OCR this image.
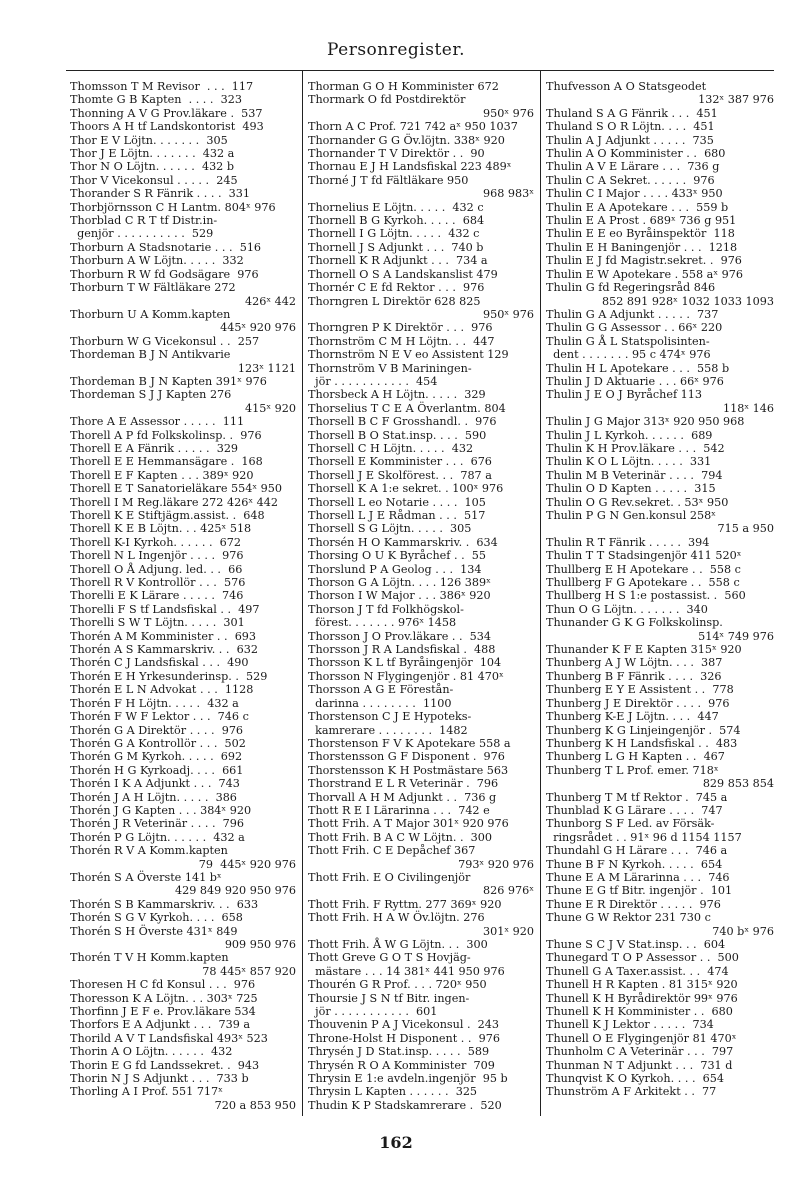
Personregister.
Thomsson T M Revisor  . . .  117
Thomte G B Kapten  . . . .  323
Thonning A V G Prov.läkare .  537
Thoors A H tf Landskontorist  493
Thor E V Löjtn. . . . . . .  305
Thor J E Löjtn. . . . . . .  432 a
Thor N O Löjtn. . . . . .  432 b
Thor V Vicekonsul . . . . .  245
Thorander S R Fänrik . . . .  331
Thorbjörnsson C H Lantm. 804ˣ 976
Thorblad C R T tf Distr.in-
genjör . . . . . . . . . .  529
Thorburn A Stadsnotarie . . .  516
Thorburn A W Löjtn. . . . .  332
Thorburn R W fd Godsägare  976
Thorburn T W Fältläkare 272
426ˣ 442
Thorburn U A Komm.kapten
445ˣ 920 976
Thorburn W G Vicekonsul . .  257
Thordeman B J N Antikvarie
123ˣ 1121
Thordeman B J N Kapten 391ˣ 976
Thordeman S J J Kapten 276
415ˣ 920
Thore A E Assessor . . . . .  111
Thorell A P fd Folkskolinsp. .  976
Thorell E A Fänrik . . . . .  329
Thorell E E Hemmansägare .  168
Thorell E F Kapten . . . 389ˣ 920
Thorell E T Sanatorieläkare 554ˣ 950
Thorell I M Reg.läkare 272 426ˣ 442
Thorell K E Stiftjägm.assist. .  648
Thorell K E B Löjtn. . . 425ˣ 518
Thorell K-I Kyrkoh. . . . . .  672
Thorell N L Ingenjör . . . .  976
Thorell O Å Adjung. led. . .  66
Thorell R V Kontrollör . . .  576
Thorelli E K Lärare . . . . .  746
Thorelli F S tf Landsfiskal . .  497
Thorelli S W T Löjtn. . . . .  301
Thorén A M Komminister . .  693
Thorén A S Kammarskriv. . .  632
Thorén C J Landsfiskal . . .  490
Thorén E H Yrkesunderinsp. .  529
Thorén E L N Advokat . . .  1128
Thorén F H Löjtn. . . . .  432 a
Thorén F W F Lektor . . .  746 c
Thorén G A Direktör . . . .  976
Thorén G A Kontrollör . . .  502
Thorén G M Kyrkoh. . . . .  692
Thorén H G Kyrkoadj. . . .  661
Thorén I K A Adjunkt . . .  743
Thorén J A H Löjtn. . . . .  386
Thorén J G Kapten . . . 384ˣ 920
Thorén J R Veterinär . . . .  796
Thorén P G Löjtn. . . . . .  432 a
Thorén R V A Komm.kapten
79  445ˣ 920 976
Thorén S A Överste 141 bˣ
429 849 920 950 976
Thorén S B Kammarskriv. . .  633
Thorén S G V Kyrkoh. . . .  658
Thorén S H Överste 431ˣ 849
909 950 976
Thorén T V H Komm.kapten
78 445ˣ 857 920
Thoresen H C fd Konsul . . .  976
Thoresson K A Löjtn. . . 303ˣ 725
Thorfinn J E F e. Prov.läkare 534
Thorfors E A Adjunkt . . .  739 a
Thorild A V T Landsfiskal 493ˣ 523
Thorin A O Löjtn. . . . . .  432
Thorin E G fd Landssekret. .  943
Thorin N J S Adjunkt . . .  733 b
Thorling A I Prof. 551 717ˣ
720 a 853 950
Thorman G O H Komminister 672
Thormark O fd Postdirektör
950ˣ 976
Thorn A C Prof. 721 742 aˣ 950 1037
Thornander G G Öv.löjtn. 338ˣ 920
Thornander T V Direktör . .  90
Thornau E J H Landsfiskal 223 489ˣ
Thorné J T fd Fältläkare 950
968 983ˣ
Thornelius E Löjtn. . . . .  432 c
Thornell B G Kyrkoh. . . . .  684
Thornell I G Löjtn. . . . .  432 c
Thornell J S Adjunkt . . .  740 b
Thornell K R Adjunkt . . .  734 a
Thornell O S A Landskanslist 479
Thornér C E fd Rektor . . .  976
Thorngren L Direktör 628 825
950ˣ 976
Thorngren P K Direktör . . .  976
Thornström C M H Löjtn. . .  447
Thornström N E V eo Assistent 129
Thornström V B Mariningen-
jör . . . . . . . . . . .  454
Thorsbeck A H Löjtn. . . . .  329
Thorselius T C E A Överlantm. 804
Thorsell B C F Grosshandl. .  976
Thorsell B O Stat.insp. . . .  590
Thorsell C H Löjtn. . . . .  432
Thorsell E Komminister . . .  676
Thorsell J E Skolförest. . .  787 a
Thorsell K A 1:e sekret. . 100ˣ 976
Thorsell L eo Notarie . . . .  105
Thorsell L J E Rådman . . .  517
Thorsell S G Löjtn. . . . .  305
Thorsén H O Kammarskriv. .  634
Thorsing O U K Byråchef . .  55
Thorslund P A Geolog . . .  134
Thorson G A Löjtn. . . . 126 389ˣ
Thorson I W Major . . . 386ˣ 920
Thorson J T fd Folkhögskol-
förest. . . . . . . 976ˣ 1458
Thorsson J O Prov.läkare . .  534
Thorsson J R A Landsfiskal .  488
Thorsson K L tf Byråingenjör  104
Thorsson N Flygingenjör . 81 470ˣ
Thorsson A G E Förestån-
darinna . . . . . . . .  1100
Thorstenson C J E Hypoteks-
kamrerare . . . . . . . .  1482
Thorstenson F V K Apotekare 558 a
Thorstensson G F Disponent .  976
Thorstensson K H Postmästare 563
Thorstrand E L R Veterinär .  796
Thorvall A H M Adjunkt . .  736 g
Thott R E I Lärarinna . . .  742 e
Thott Frih. A T Major 301ˣ 920 976
Thott Frih. B A C W Löjtn. .  300
Thott Frih. C E Depåchef 367
793ˣ 920 976
Thott Frih. E O Civilingenjör
826 976ˣ
Thott Frih. F Ryttm. 277 369ˣ 920
Thott Frih. H A W Öv.löjtn. 276
301ˣ 920
Thott Frih. Å W G Löjtn. . .  300
Thott Greve G O T S Hovjäg-
mästare . . . 14 381ˣ 441 950 976
Thourén G R Prof. . . . 720ˣ 950
Thoursie J S N tf Bitr. ingen-
jör . . . . . . . . . . .  601
Thouvenin P A J Vicekonsul .  243
Throne-Holst H Disponent . .  976
Thrysén J D Stat.insp. . . . .  589
Thrysén R O A Komminister  709
Thrysin E 1:e avdeln.ingenjör  95 b
Thrysin L Kapten . . . . . .  325
Thudin K P Stadskamrerare .  520
Thufvesson A O Statsgeodet
132ˣ 387 976
Thuland S A G Fänrik . . .  451
Thuland S O R Löjtn. . . .  451
Thulin A J Adjunkt . . . . .  735
Thulin A O Komminister . .  680
Thulin A V E Lärare . . .  736 g
Thulin C A Sekret. . . . . .  976
Thulin C I Major . . . . 433ˣ 950
Thulin E A Apotekare . . .  559 b
Thulin E A Prost . 689ˣ 736 g 951
Thulin E E eo Byråinspektör  118
Thulin E H Baningenjör . . .  1218
Thulin E J fd Magistr.sekret. .  976
Thulin E W Apotekare . 558 aˣ 976
Thulin G fd Regeringsråd 846
852 891 928ˣ 1032 1033 1093
Thulin G A Adjunkt . . . . .  737
Thulin G G Assessor . . 66ˣ 220
Thulin G Å L Statspolisinten-
dent . . . . . . . 95 c 474ˣ 976
Thulin H L Apotekare . . .  558 b
Thulin J D Aktuarie . . . 66ˣ 976
Thulin J E O J Byråchef 113
118ˣ 146
Thulin J G Major 313ˣ 920 950 968
Thulin J L Kyrkoh. . . . . .  689
Thulin K H Prov.läkare . . .  542
Thulin K O L Löjtn. . . . .  331
Thulin M B Veterinär . . . .  794
Thulin O D Kapten . . . . .  315
Thulin O G Rev.sekret. . 53ˣ 950
Thulin P G N Gen.konsul 258ˣ
715 a 950
Thulin R T Fänrik . . . . .  394
Thulin T T Stadsingenjör 411 520ˣ
Thullberg E H Apotekare . .  558 c
Thullberg F G Apotekare . .  558 c
Thullberg H S 1:e postassist. .  560
Thun O G Löjtn. . . . . . .  340
Thunander G K G Folkskolinsp.
514ˣ 749 976
Thunander K F E Kapten 315ˣ 920
Thunberg A J W Löjtn. . . .  387
Thunberg B F Fänrik . . . .  326
Thunberg E Y E Assistent . .  778
Thunberg J E Direktör . . . .  976
Thunberg K-E J Löjtn. . . .  447
Thunberg K G Linjeingenjör .  574
Thunberg K H Landsfiskal . .  483
Thunberg L G H Kapten . .  467
Thunberg T L Prof. emer. 718ˣ
829 853 854
Thunberg T M tf Rektor .  745 a
Thunblad K G Lärare . . . .  747
Thunborg S F Led. av Försäk-
ringsrådet . . 91ˣ 96 d 1154 1157
Thundahl G H Lärare . . .  746 a
Thune B F N Kyrkoh. . . . .  654
Thune E A M Lärarinna . . .  746
Thune E G tf Bitr. ingenjör .  101
Thune E R Direktör . . . . .  976
Thune G W Rektor 231 730 c
740 bˣ 976
Thune S C J V Stat.insp. . .  604
Thunegard T O P Assessor . .  500
Thunell G A Taxer.assist. . .  474
Thunell H R Kapten . 81 315ˣ 920
Thunell K H Byrådirektör 99ˣ 976
Thunell K H Komminister . .  680
Thunell K J Lektor . . . . .  734
Thunell O E Flygingenjör 81 470ˣ
Thunholm C A Veterinär . . .  797
Thunman N T Adjunkt . . .  731 d
Thunqvist K O Kyrkoh. . . .  654
Thunström A F Arkitekt . .  77
162
